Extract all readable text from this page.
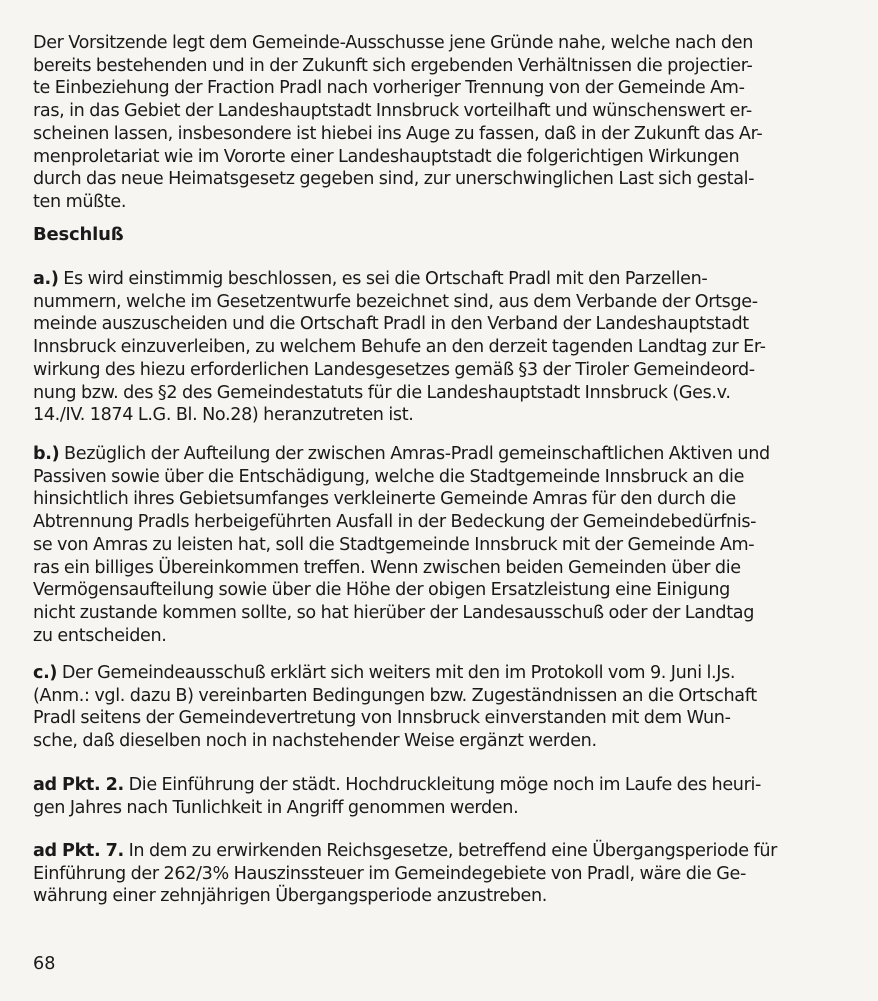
Der Vorsitzende legt dem Gemeinde-Ausschusse jene Gründe nahe, welche nach den
bereits bestehenden und in der Zukunft sich ergebenden Verhältnissen die projectier-
te Einbeziehung der Fraction Pradl nach vorheriger Trennung von der Gemeinde Am-
ras, in das Gebiet der Landeshauptstadt Innsbruck vorteilhaft und wünschenswert er-
scheinen lassen, insbesondere ist hiebei ins Auge zu fassen, daß in der Zukunft das Ar-
menproletariat wie im Vororte einer Landeshauptstadt die folgerichtigen Wirkungen
durch das neue Heimatsgesetz gegeben sind, zur unerschwinglichen Last sich gestal-
ten müßte.
Beschluß
a.) Es wird einstimmig beschlossen, es sei die Ortschaft Pradl mit den Parzellen-
nummern, welche im Gesetzentwurfe bezeichnet sind, aus dem Verbande der Ortsge-
meinde auszuscheiden und die Ortschaft Pradl in den Verband der Landeshauptstadt
Innsbruck einzuverleiben, zu welchem Behufe an den derzeit tagenden Landtag zur Er-
wirkung des hiezu erforderlichen Landesgesetzes gemäß §3 der Tiroler Gemeindeord-
nung bzw. des §2 des Gemeindestatuts für die Landeshauptstadt Innsbruck (Ges.v.
14./IV. 1874 L.G. Bl. No.28) heranzutreten ist.
b.) Bezüglich der Aufteilung der zwischen Amras-Pradl gemeinschaftlichen Aktiven und
Passiven sowie über die Entschädigung, welche die Stadtgemeinde Innsbruck an die
hinsichtlich ihres Gebietsumfanges verkleinerte Gemeinde Amras für den durch die
Abtrennung Pradls herbeigeführten Ausfall in der Bedeckung der Gemeindebedürfnis-
se von Amras zu leisten hat, soll die Stadtgemeinde Innsbruck mit der Gemeinde Am-
ras ein billiges Übereinkommen treffen. Wenn zwischen beiden Gemeinden über die
Vermögensaufteilung sowie über die Höhe der obigen Ersatzleistung eine Einigung
nicht zustande kommen sollte, so hat hierüber der Landesausschuß oder der Landtag
zu entscheiden.
c.) Der Gemeindeausschuß erklärt sich weiters mit den im Protokoll vom 9. Juni l.Js.
(Anm.: vgl. dazu B) vereinbarten Bedingungen bzw. Zugeständnissen an die Ortschaft
Pradl seitens der Gemeindevertretung von Innsbruck einverstanden mit dem Wun-
sche, daß dieselben noch in nachstehender Weise ergänzt werden.
ad Pkt. 2. Die Einführung der städt. Hochdruckleitung möge noch im Laufe des heuri-
gen Jahres nach Tunlichkeit in Angriff genommen werden.
ad Pkt. 7. In dem zu erwirkenden Reichsgesetze, betreffend eine Übergangsperiode für
Einführung der 262/3% Hauszinssteuer im Gemeindegebiete von Pradl, wäre die Ge-
währung einer zehnjährigen Übergangsperiode anzustreben.
68
